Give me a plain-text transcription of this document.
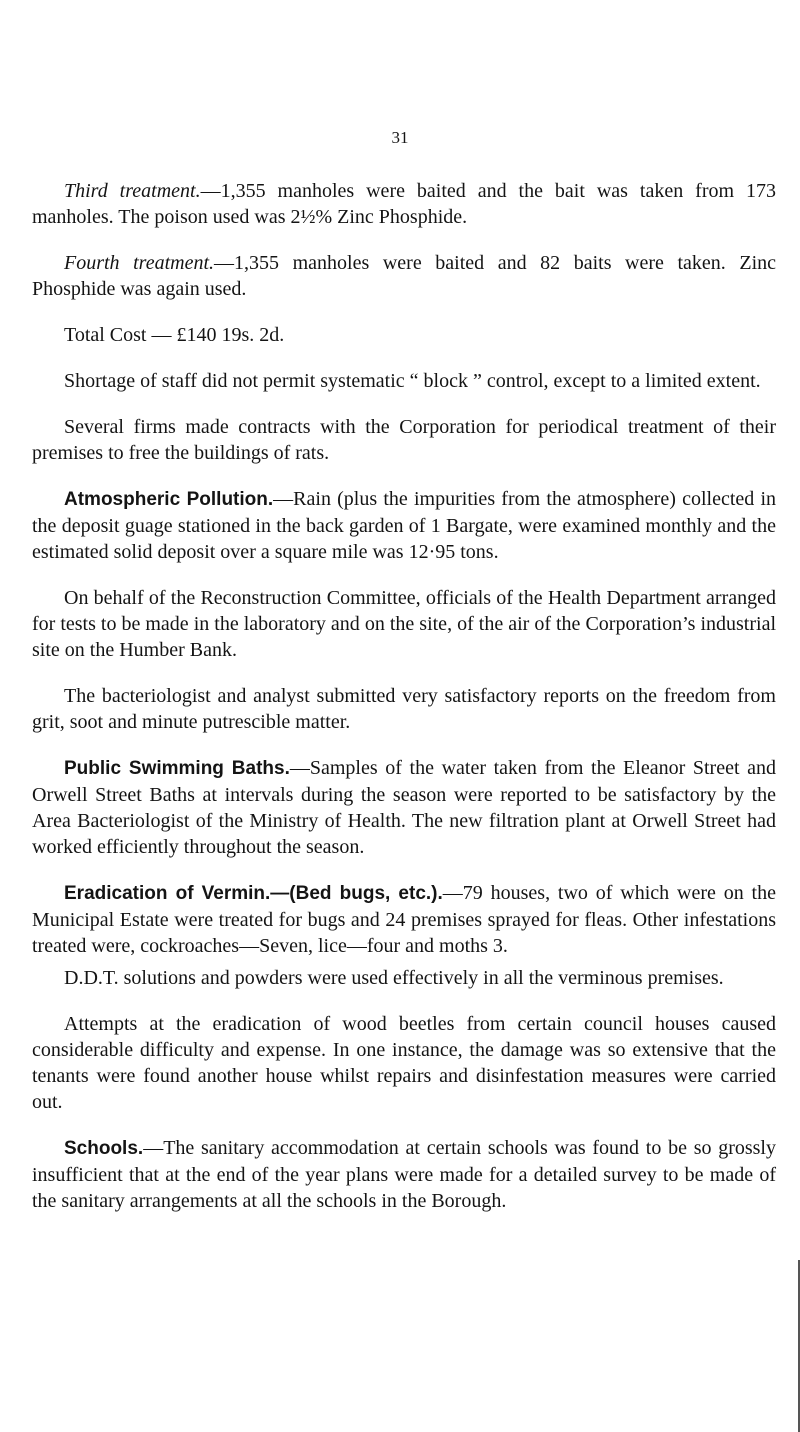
31

Third treatment.—1,355 manholes were baited and the bait was taken from 173 manholes. The poison used was 2½% Zinc Phosphide.

Fourth treatment.—1,355 manholes were baited and 82 baits were taken. Zinc Phosphide was again used.

Total Cost — £140 19s. 2d.

Shortage of staff did not permit systematic “ block ” control, except to a limited extent.

Several firms made contracts with the Corporation for periodical treatment of their premises to free the buildings of rats.

Atmospheric Pollution.—Rain (plus the impurities from the atmosphere) collected in the deposit guage stationed in the back garden of 1 Bargate, were examined monthly and the estimated solid deposit over a square mile was 12·95 tons.

On behalf of the Reconstruction Committee, officials of the Health Department arranged for tests to be made in the laboratory and on the site, of the air of the Corporation’s industrial site on the Humber Bank.

The bacteriologist and analyst submitted very satisfactory reports on the freedom from grit, soot and minute putrescible matter.

Public Swimming Baths.—Samples of the water taken from the Eleanor Street and Orwell Street Baths at intervals during the season were reported to be satisfactory by the Area Bacteriologist of the Ministry of Health. The new filtration plant at Orwell Street had worked efficiently throughout the season.

Eradication of Vermin.—(Bed bugs, etc.).—79 houses, two of which were on the Municipal Estate were treated for bugs and 24 premises sprayed for fleas. Other infestations treated were, cockroaches—Seven, lice—four and moths 3.

D.D.T. solutions and powders were used effectively in all the verminous premises.

Attempts at the eradication of wood beetles from certain council houses caused considerable difficulty and expense. In one instance, the damage was so extensive that the tenants were found another house whilst repairs and disinfestation measures were carried out.

Schools.—The sanitary accommodation at certain schools was found to be so grossly insufficient that at the end of the year plans were made for a detailed survey to be made of the sanitary arrangements at all the schools in the Borough.
